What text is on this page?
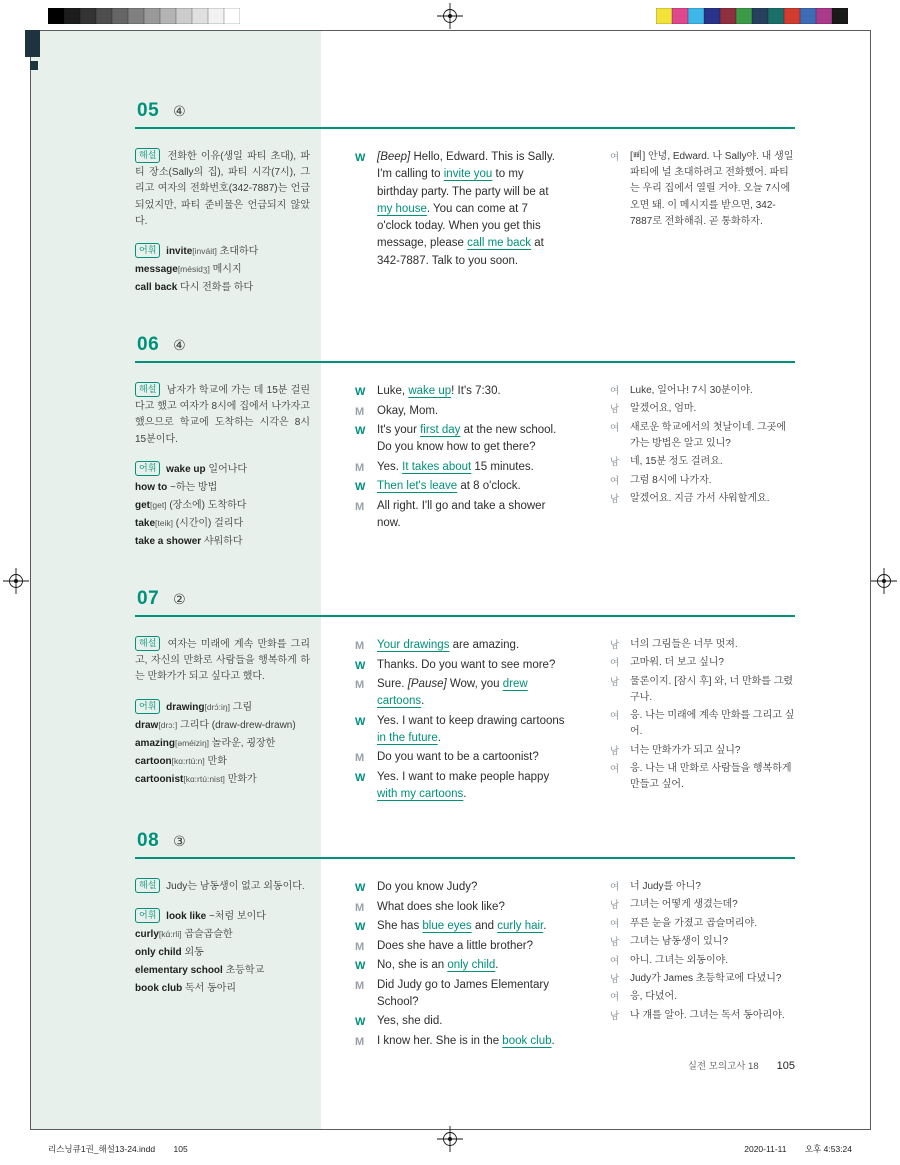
05 ④

해설 전화한 이유(생일 파티 초대), 파티 장소(Sally의 집), 파티 시각(7시), 그리고 여자의 전화번호(342-7887)는 언급되었지만, 파티 준비물은 언급되지 않았다.

어휘 invite[inváit] 초대하다
message[mésidʒ] 메시지
call back 다시 전화를 하다
W	[Beep] Hello, Edward. This is Sally. I'm calling to invite you to my birthday party. The party will be at my house. You can come at 7 o'clock today. When you get this message, please call me back at 342-7887. Talk to you soon.
여	[삐] 안녕, Edward. 나 Sally야. 내 생일 파티에 널 초대하려고 전화했어. 파티는 우리 집에서 열릴 거야. 오늘 7시에 오면 돼. 이 메시지를 받으면, 342-7887로 전화해줘. 곧 통화하자.
06 ④

해설 남자가 학교에 가는 데 15분 걸린다고 했고 여자가 8시에 집에서 나가자고 했으므로 학교에 도착하는 시각은 8시 15분이다.

어휘 wake up 일어나다
how to ~하는 방법
get[get] (장소에) 도착하다
take[teik] (시간이) 걸리다
take a shower 샤워하다
W	Luke, wake up! It's 7:30.
M	Okay, Mom.
W	It's your first day at the new school. Do you know how to get there?
M	Yes. It takes about 15 minutes.
W	Then let's leave at 8 o'clock.
M	All right. I'll go and take a shower now.
여	Luke, 일어나! 7시 30분이야.
남	알겠어요, 엄마.
여	새로운 학교에서의 첫날이네. 그곳에 가는 방법은 알고 있니?
남	네, 15분 정도 걸려요.
여	그럼 8시에 나가자.
남	알겠어요. 지금 가서 샤워할게요.
07 ②

해설 여자는 미래에 계속 만화를 그리고, 자신의 만화로 사람들을 행복하게 하는 만화가가 되고 싶다고 했다.

어휘 drawing[drɔ́:iŋ] 그림
draw[drɔ:] 그리다 (draw-drew-drawn)
amazing[əméiziŋ] 놀라운, 굉장한
cartoon[kɑ:rtú:n] 만화
cartoonist[kɑ:rtú:nist] 만화가
M	Your drawings are amazing.
W	Thanks. Do you want to see more?
M	Sure. [Pause] Wow, you drew cartoons.
W	Yes. I want to keep drawing cartoons in the future.
M	Do you want to be a cartoonist?
W	Yes. I want to make people happy with my cartoons.
남	너의 그림들은 너무 멋져.
여	고마워. 더 보고 싶니?
남	물론이지. [잠시 후] 와, 너 만화를 그렸구나.
여	응. 나는 미래에 계속 만화를 그리고 싶어.
남	너는 만화가가 되고 싶니?
여	응. 나는 내 만화로 사람들을 행복하게 만들고 싶어.
08 ③

해설 Judy는 남동생이 없고 외동이다.

어휘 look like ~처럼 보이다
curly[kɑ́:rli] 곱슬곱슬한
only child 외동
elementary school 초등학교
book club 독서 동아리
W	Do you know Judy?
M	What does she look like?
W	She has blue eyes and curly hair.
M	Does she have a little brother?
W	No, she is an only child.
M	Did Judy go to James Elementary School?
W	Yes, she did.
M	I know her. She is in the book club.
여	너 Judy를 아니?
남	그녀는 어떻게 생겼는데?
여	푸른 눈을 가졌고 곱슬머리야.
남	그녀는 남동생이 있니?
여	아니. 그녀는 외동이야.
남	Judy가 James 초등학교에 다녔니?
여	응, 다녔어.
남	나 걔를 알아. 그녀는 독서 동아리야.
실전 모의고사 18 105
리스닝큐1권_해설13-24.indd 105	2020-11-11 오후 4:53:24
